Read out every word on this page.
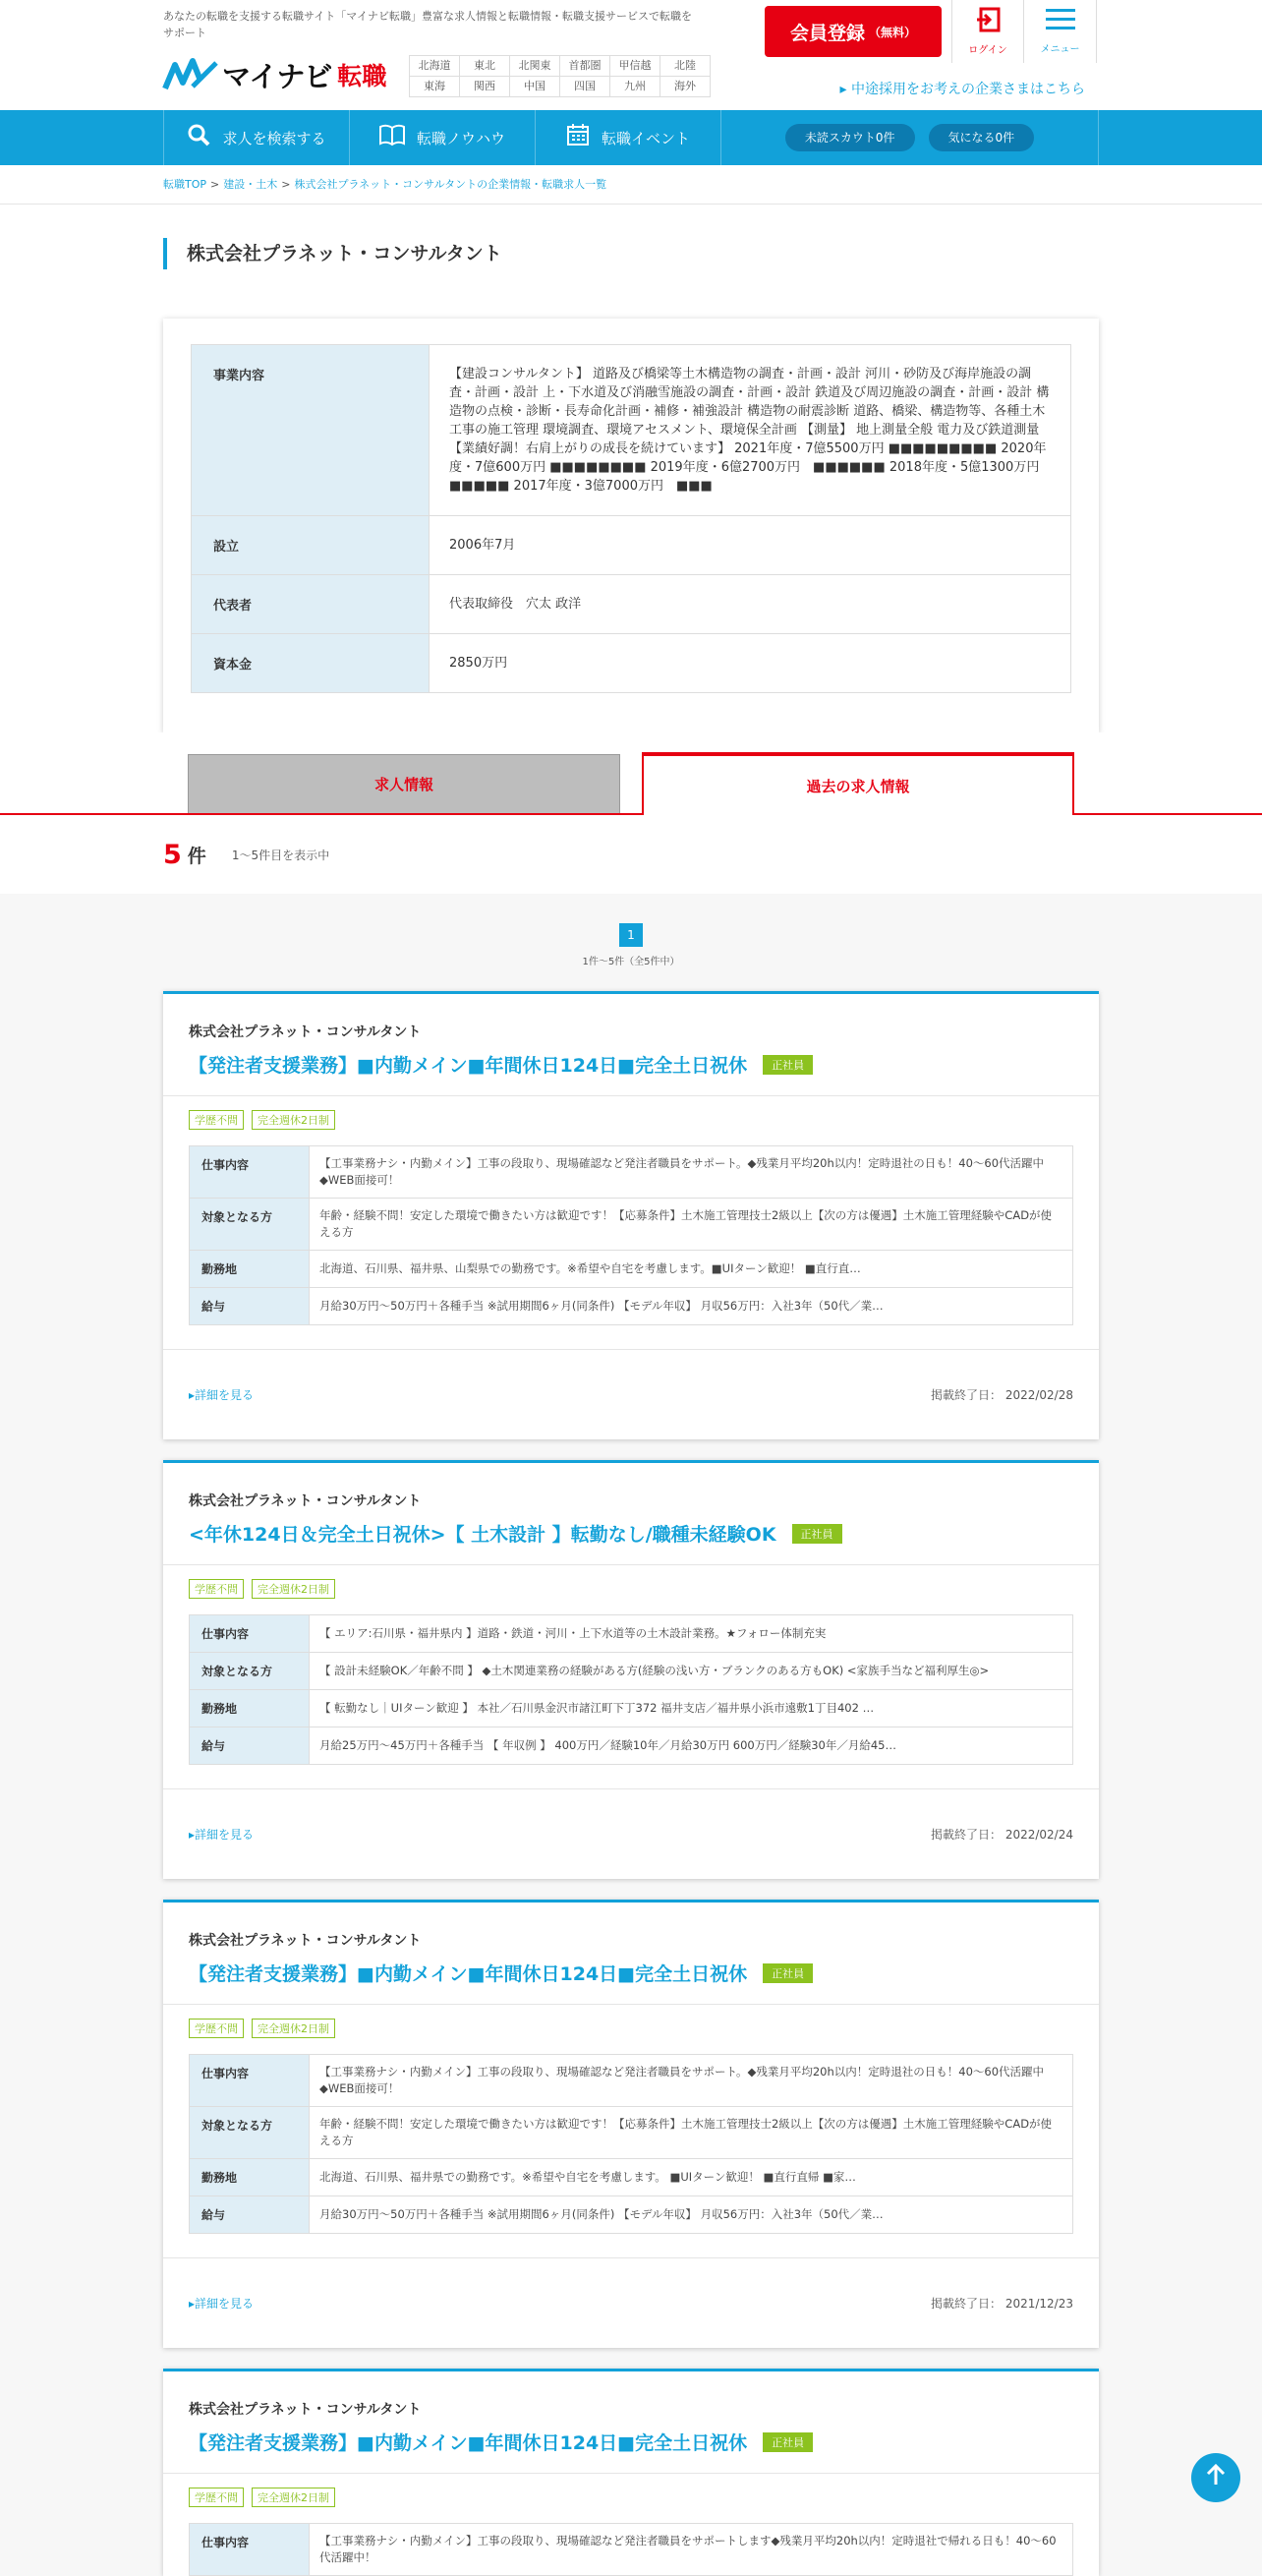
あなたの転職を支援する転職サイト「マイナビ転職」豊富な求人情報と転職情報・転職支援サービスで転職をサポート
マイナビ 転職	北海道	東北	北関東	首都圏	甲信越	北陸
東海	関西	中国	四国	九州	海外
会員登録 （無料）
ログイン	メニュー
▸ 中途採用をお考えの企業さまはこちら
求人を検索する	転職ノウハウ	転職イベント	未読スカウト0件	気になる0件
転職TOP > 建設・土木 > 株式会社プラネット・コンサルタントの企業情報・転職求人一覧
株式会社プラネット・コンサルタント
事業内容	【建設コンサルタント】 道路及び橋梁等土木構造物の調査・計画・設計 河川・砂防及び海岸施設の調査・計画・設計 上・下水道及び消融雪施設の調査・計画・設計 鉄道及び周辺施設の調査・計画・設計 構造物の点検・診断・長寿命化計画・補修・補強設計 構造物の耐震診断 道路、橋梁、構造物等、各種土木工事の施工管理 環境調査、環境アセスメント、環境保全計画 【測量】 地上測量全般 電力及び鉄道測量 【業績好調！右肩上がりの成長を続けています】 2021年度・7億5500万円 ■■■■■■■■■ 2020年度・7億600万円 ■■■■■■■■ 2019年度・6億2700万円　■■■■■■ 2018年度・5億1300万円　■■■■■ 2017年度・3億7000万円　■■■
設立	2006年7月
代表者	代表取締役　穴太 政洋
資本金	2850万円
求人情報	過去の求人情報
5 件 1〜5件目を表示中
1
1件〜5件（全5件中）
株式会社プラネット・コンサルタント
【発注者支援業務】■内勤メイン■年間休日124日■完全土日祝休	正社員
学歴不問	完全週休2日制
仕事内容	【工事業務ナシ・内勤メイン】工事の段取り、現場確認など発注者職員をサポート。◆残業月平均20h以内！定時退社の日も！40～60代活躍中◆WEB面接可！
対象となる方	年齢・経験不問！安定した環境で働きたい方は歓迎です！【応募条件】土木施工管理技士2級以上【次の方は優遇】土木施工管理経験やCADが使える方
勤務地	北海道、石川県、福井県、山梨県での勤務です。※希望や自宅を考慮します。■UIターン歓迎！ ■直行直…
給与	月給30万円〜50万円＋各種手当 ※試用期間6ヶ月(同条件) 【モデル年収】 月収56万円：入社3年（50代／業…
▸詳細を見る	掲載終了日： 2022/02/28
株式会社プラネット・コンサルタント
<年休124日＆完全土日祝休>【 土木設計 】転勤なし/職種未経験OK	正社員
学歴不問	完全週休2日制
仕事内容	【 エリア:石川県・福井県内 】道路・鉄道・河川・上下水道等の土木設計業務。★フォロー体制充実
対象となる方	【 設計未経験OK／年齢不問 】 ◆土木関連業務の経験がある方(経験の浅い方・ブランクのある方もOK) <家族手当など福利厚生◎>
勤務地	【 転勤なし｜UIターン歓迎 】 本社／石川県金沢市諸江町下丁372 福井支店／福井県小浜市遠敷1丁目402 …
給与	月給25万円〜45万円＋各種手当 【 年収例 】 400万円／経験10年／月給30万円 600万円／経験30年／月給45…
▸詳細を見る	掲載終了日： 2022/02/24
株式会社プラネット・コンサルタント
【発注者支援業務】■内勤メイン■年間休日124日■完全土日祝休	正社員
学歴不問	完全週休2日制
仕事内容	【工事業務ナシ・内勤メイン】工事の段取り、現場確認など発注者職員をサポート。◆残業月平均20h以内！定時退社の日も！40～60代活躍中◆WEB面接可！
対象となる方	年齢・経験不問！安定した環境で働きたい方は歓迎です！【応募条件】土木施工管理技士2級以上【次の方は優遇】土木施工管理経験やCADが使える方
勤務地	北海道、石川県、福井県での勤務です。※希望や自宅を考慮します。 ■UIターン歓迎！ ■直行直帰 ■家…
給与	月給30万円〜50万円＋各種手当 ※試用期間6ヶ月(同条件) 【モデル年収】 月収56万円：入社3年（50代／業…
▸詳細を見る	掲載終了日： 2021/12/23
株式会社プラネット・コンサルタント
【発注者支援業務】■内勤メイン■年間休日124日■完全土日祝休	正社員
学歴不問	完全週休2日制
仕事内容	【工事業務ナシ・内勤メイン】工事の段取り、現場確認など発注者職員をサポートします◆残業月平均20h以内！定時退社で帰れる日も！40～60代活躍中！
